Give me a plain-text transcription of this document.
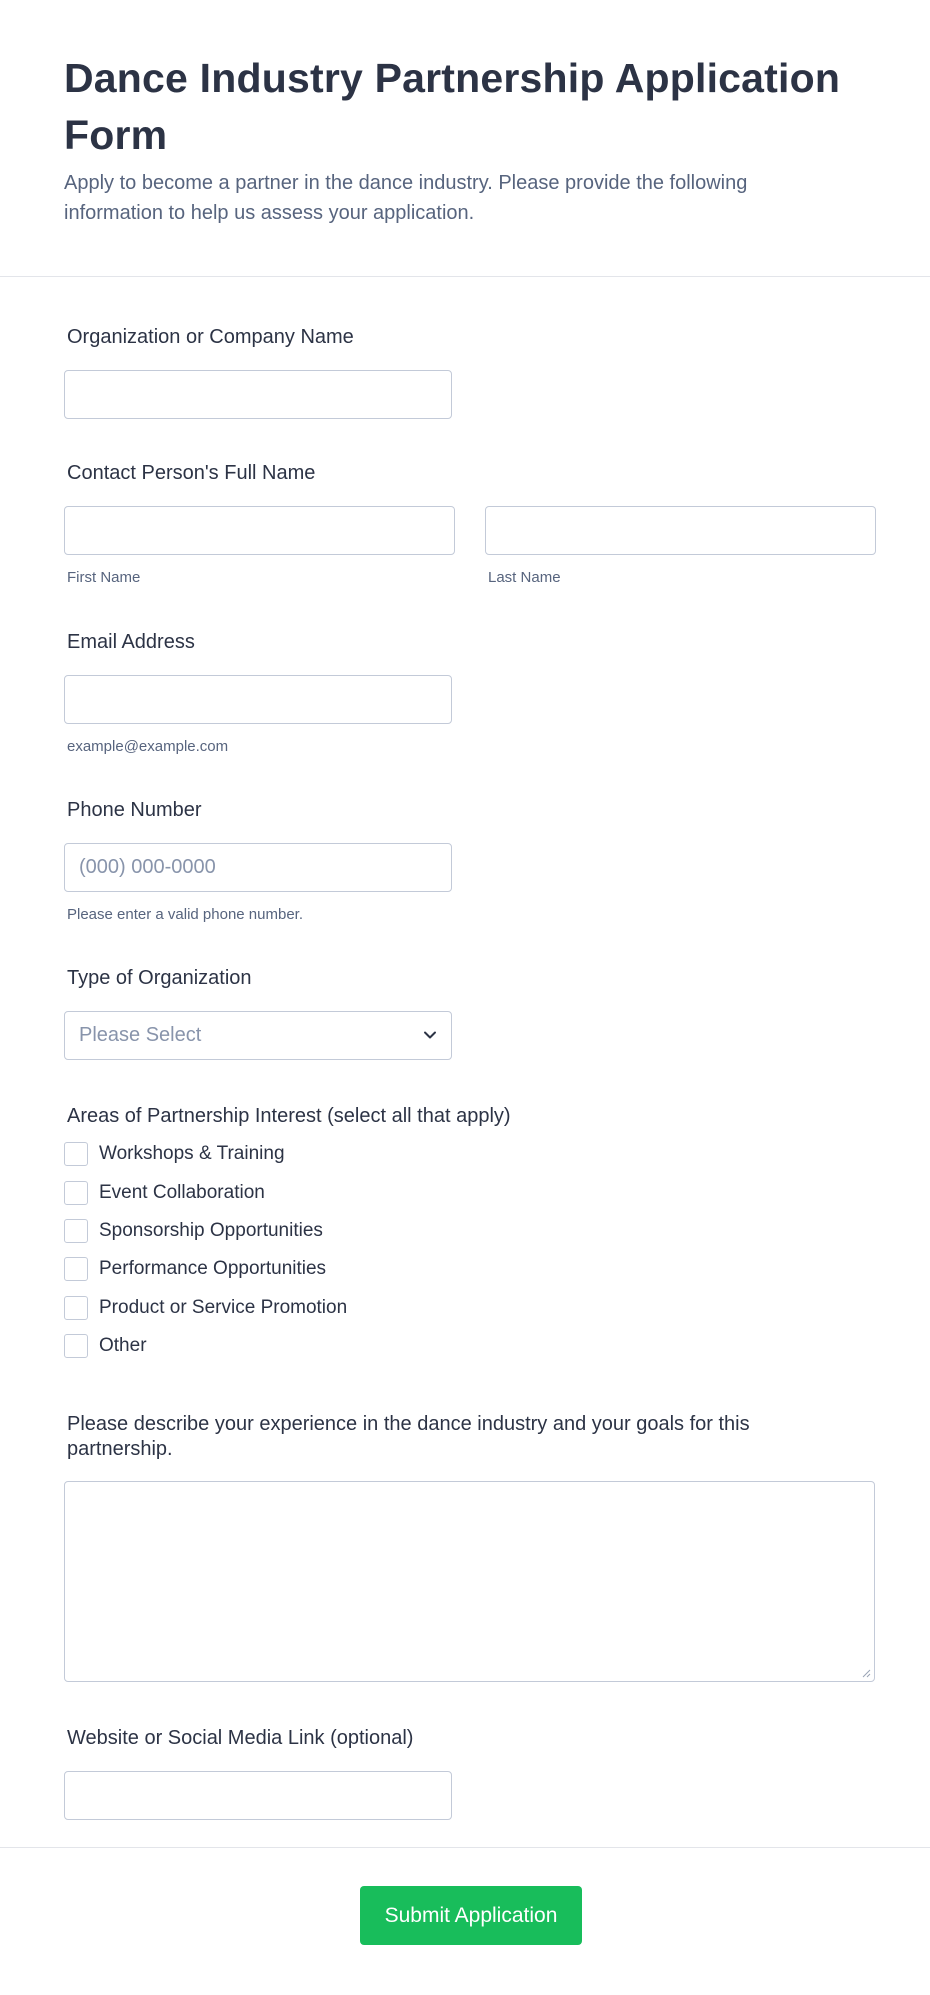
Dance Industry Partnership Application Form

Apply to become a partner in the dance industry. Please provide the following information to help us assess your application.

Organization or Company Name
Contact Person's Full Name
First Name	Last Name
Email Address
example@example.com
Phone Number
(000) 000-0000
Please enter a valid phone number.
Type of Organization
Please Select
Areas of Partnership Interest (select all that apply)
Workshops & Training
Event Collaboration
Sponsorship Opportunities
Performance Opportunities
Product or Service Promotion
Other
Please describe your experience in the dance industry and your goals for this partnership.
Website or Social Media Link (optional)
Submit Application
